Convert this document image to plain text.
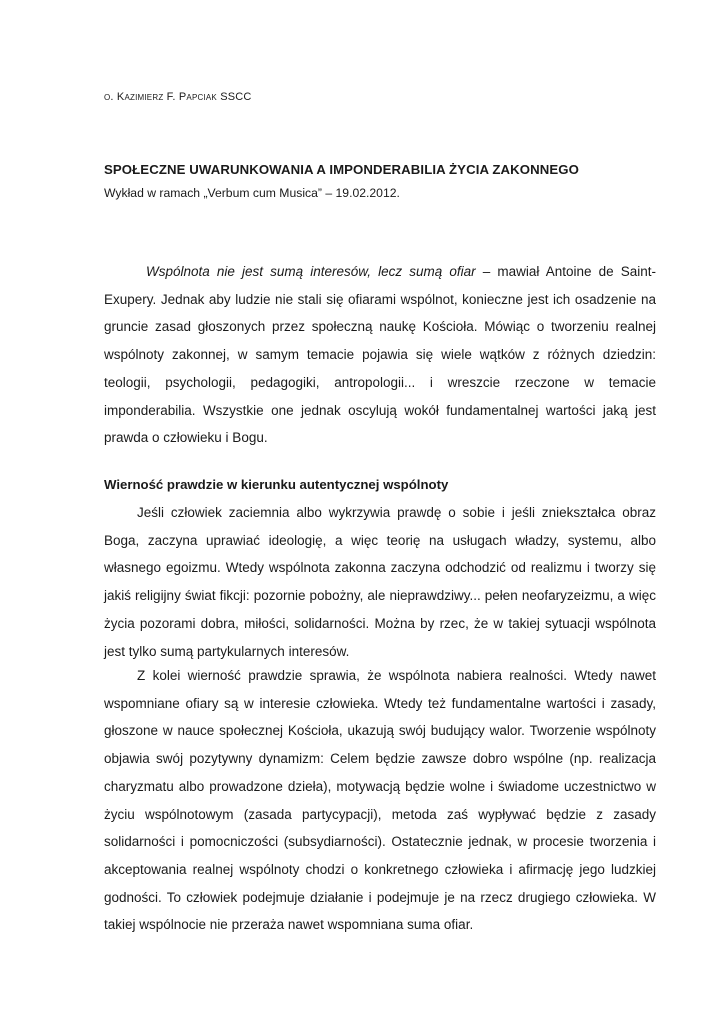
o. Kazimierz F. Papciak SSCC
SPOŁECZNE UWARUNKOWANIA A IMPONDERABILIA ŻYCIA ZAKONNEGO
Wykład w ramach „Verbum cum Musica” – 19.02.2012.

Wspólnota nie jest sumą interesów, lecz sumą ofiar – mawiał Antoine de Saint-Exupery. Jednak aby ludzie nie stali się ofiarami wspólnot, konieczne jest ich osadzenie na gruncie zasad głoszonych przez społeczną naukę Kościoła. Mówiąc o tworzeniu realnej wspólnoty zakonnej, w samym temacie pojawia się wiele wątków z różnych dziedzin: teologii, psychologii, pedagogiki, antropologii... i wreszcie rzeczone w temacie imponderabilia. Wszystkie one jednak oscylują wokół fundamentalnej wartości jaką jest prawda o człowieku i Bogu.

Wierność prawdzie w kierunku autentycznej wspólnoty

Jeśli człowiek zaciemnia albo wykrzywia prawdę o sobie i jeśli zniekształca obraz Boga, zaczyna uprawiać ideologię, a więc teorię na usługach władzy, systemu, albo własnego egoizmu. Wtedy wspólnota zakonna zaczyna odchodzić od realizmu i tworzy się jakiś religijny świat fikcji: pozornie pobożny, ale nieprawdziwy... pełen neofaryzeizmu, a więc życia pozorami dobra, miłości, solidarności. Można by rzec, że w takiej sytuacji wspólnota jest tylko sumą partykularnych interesów.

Z kolei wierność prawdzie sprawia, że wspólnota nabiera realności. Wtedy nawet wspomniane ofiary są w interesie człowieka. Wtedy też fundamentalne wartości i zasady, głoszone w nauce społecznej Kościoła, ukazują swój budujący walor. Tworzenie wspólnoty objawia swój pozytywny dynamizm: Celem będzie zawsze dobro wspólne (np. realizacja charyzmatu albo prowadzone dzieła), motywacją będzie wolne i świadome uczestnictwo w życiu wspólnotowym (zasada partycypacji), metoda zaś wypływać będzie z zasady solidarności i pomocniczości (subsydiarności). Ostatecznie jednak, w procesie tworzenia i akceptowania realnej wspólnoty chodzi o konkretnego człowieka i afirmację jego ludzkiej godności. To człowiek podejmuje działanie i podejmuje je na rzecz drugiego człowieka. W takiej wspólnocie nie przeraża nawet wspomniana suma ofiar.
